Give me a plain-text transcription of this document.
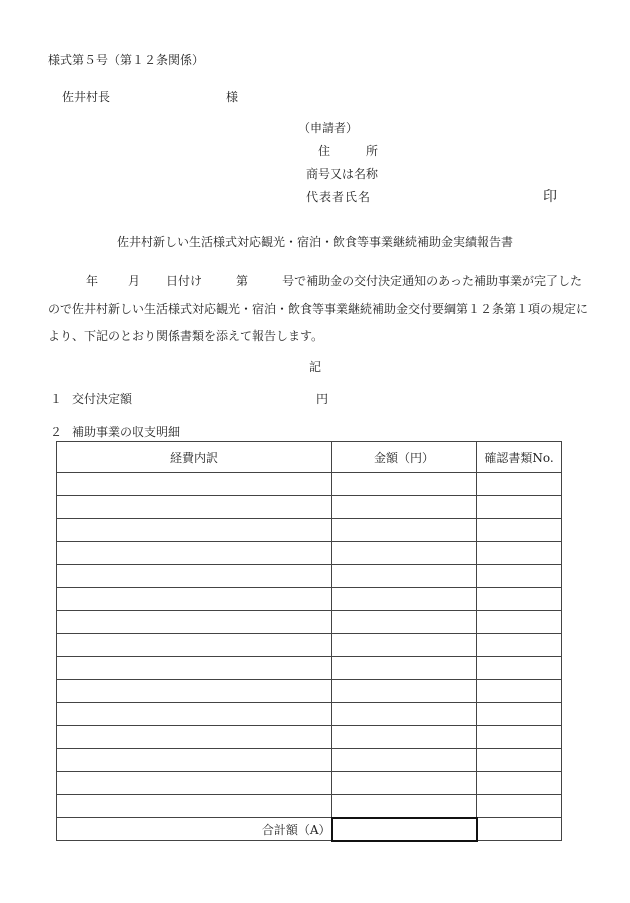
様式第５号（第１２条関係）
佐井村長	様
（申請者）
住	所
商号又は名称
代表者氏名	印
佐井村新しい生活様式対応観光・宿泊・飲食等事業継続補助金実績報告書
年	月 日付け	第	号で補助金の交付決定通知のあった補助事業が完了したので佐井村新しい生活様式対応観光・宿泊・飲食等事業継続補助金交付要綱第１２条第１項の規定により、下記のとおり関係書類を添えて報告します。
記
１ 交付決定額	円
２ 補助事業の収支明細
経費内訳	金額（円）	確認書類No.

合計額（A）		
